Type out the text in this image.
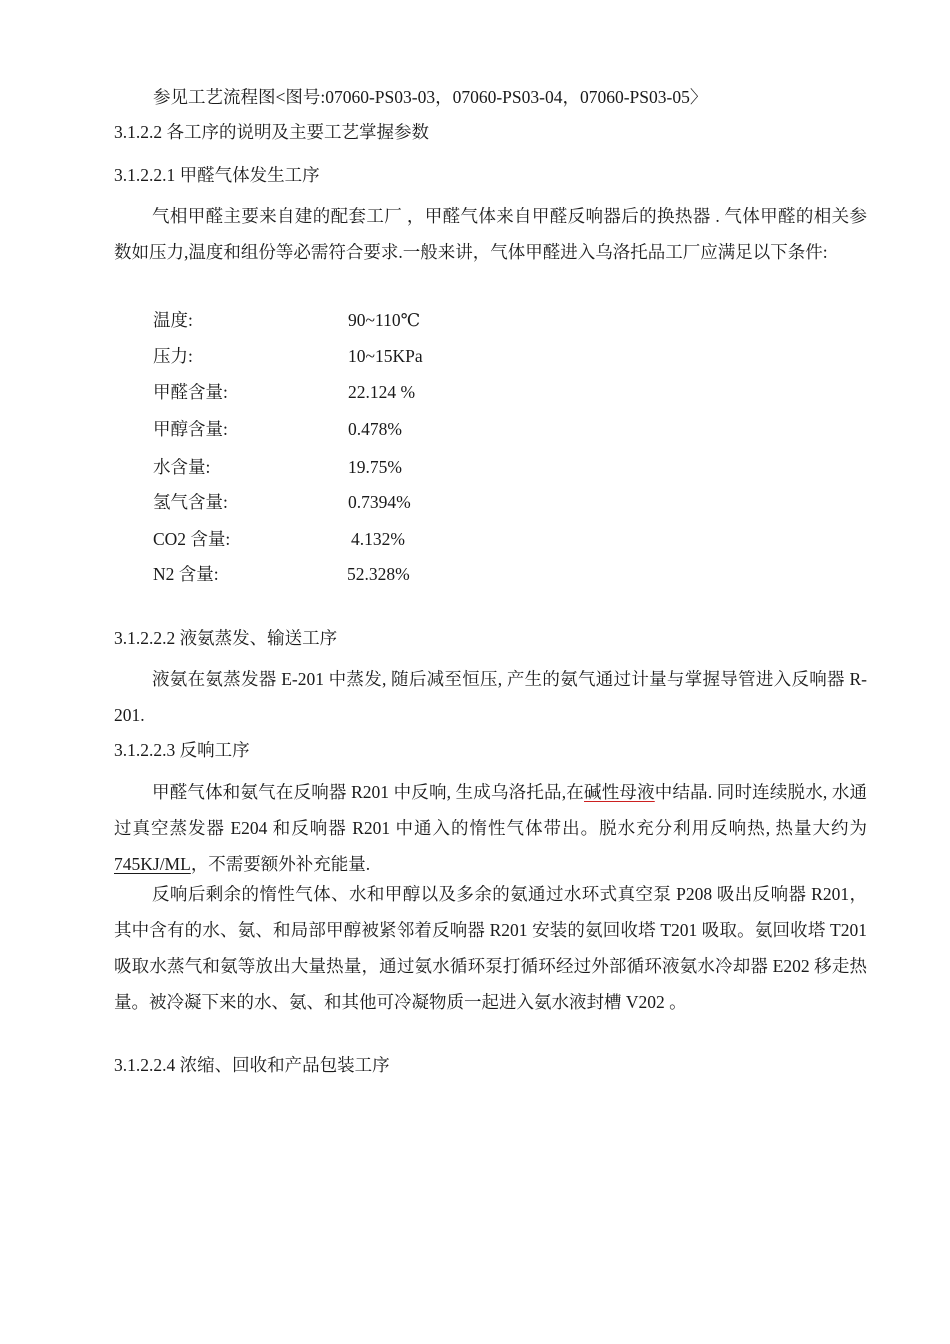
参见工艺流程图<图号:07060-PS03-03，07060-PS03-04，07060-PS03-05〉
3.1.2.2 各工序的说明及主要工艺掌握参数
3.1.2.2.1 甲醛气体发生工序
气相甲醛主要来自建的配套工厂 ，甲醛气体来自甲醛反响器后的换热器 . 气体甲醛的相关参数如压力,温度和组份等必需符合要求.一般来讲，气体甲醛进入乌洛托品工厂应满足以下条件:
温度:	90~110℃
压力:	10~15KPa
甲醛含量:	22.124 %
甲醇含量:	0.478%
水含量:	19.75%
氢气含量:	0.7394%
CO2 含量:	4.132%
N2 含量:	52.328%
3.1.2.2.2 液氨蒸发、输送工序
液氨在氨蒸发器 E-201 中蒸发, 随后减至恒压, 产生的氨气通过计量与掌握导管进入反响器 R-201.
3.1.2.2.3 反响工序
甲醛气体和氨气在反响器 R201 中反响, 生成乌洛托品,在碱性母液中结晶. 同时连续脱水, 水通过真空蒸发器 E204 和反响器 R201 中通入的惰性气体带出。脱水充分利用反响热, 热量大约为 745KJ/ML，不需要额外补充能量.
反响后剩余的惰性气体、水和甲醇以及多余的氨通过水环式真空泵 P208 吸出反响器 R201，其中含有的水、氨、和局部甲醇被紧邻着反响器 R201 安装的氨回收塔 T201 吸取。氨回收塔 T201 吸取水蒸气和氨等放出大量热量，通过氨水循环泵打循环经过外部循环液氨水冷却器 E202 移走热量。被冷凝下来的水、氨、和其他可冷凝物质一起进入氨水液封槽 V202 。
3.1.2.2.4 浓缩、回收和产品包装工序
